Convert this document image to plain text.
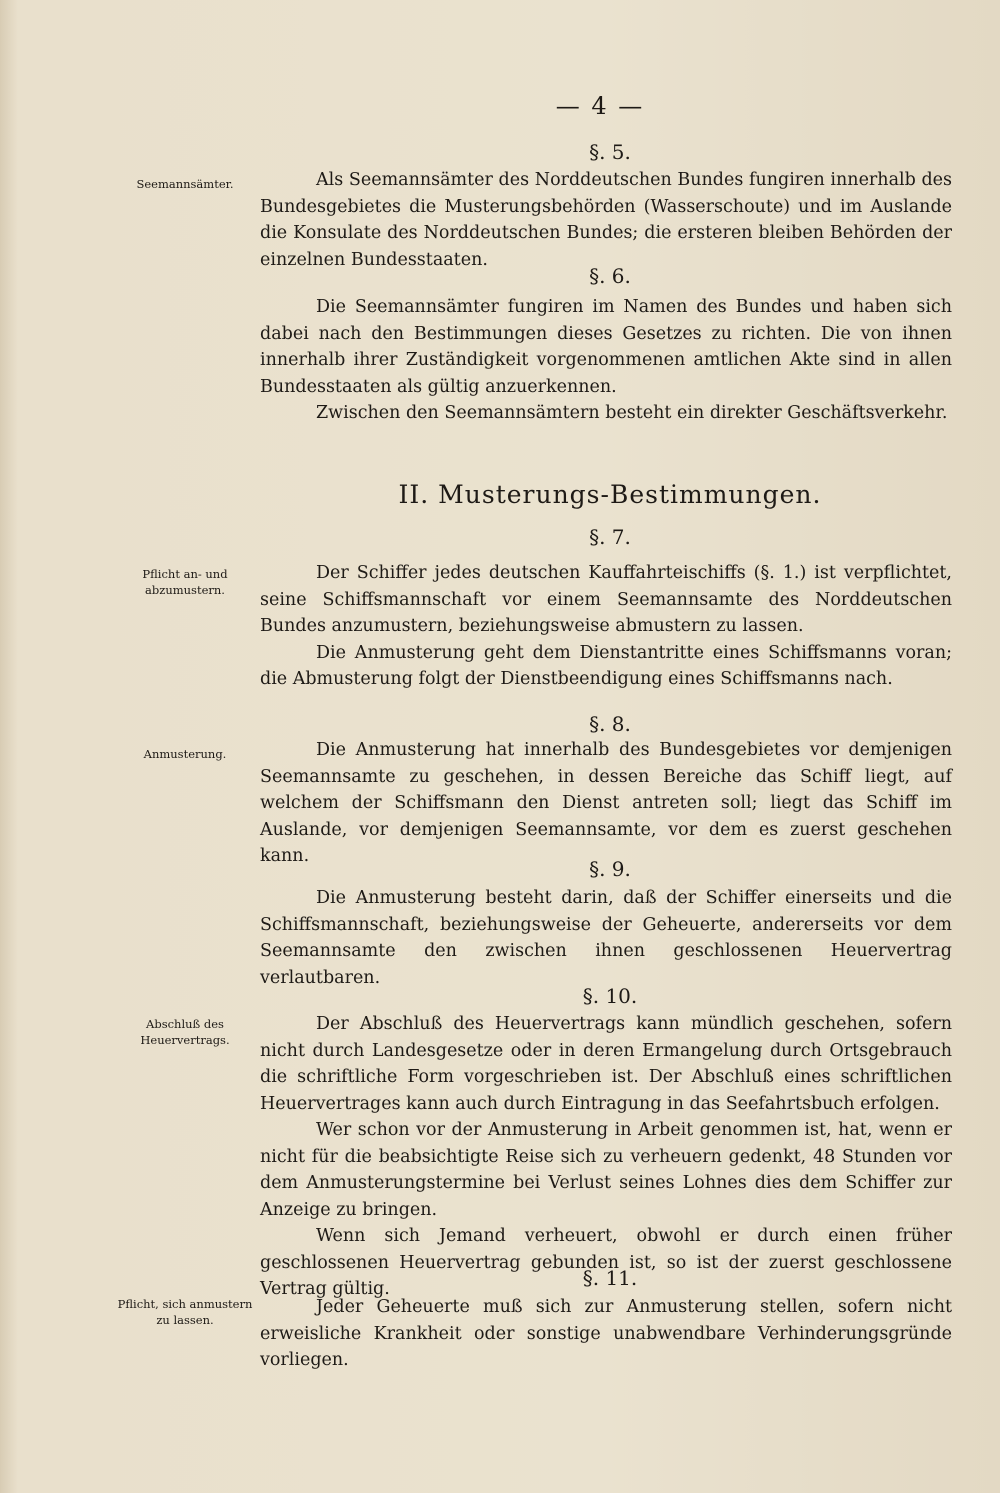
— 4 —
§. 5.
Seemannsämter.	Als Seemannsämter des Norddeutschen Bundes fungiren innerhalb des Bundesgebietes die Musterungsbehörden (Wasserschoute) und im Auslande die Konsulate des Norddeutschen Bundes; die ersteren bleiben Behörden der einzelnen Bundesstaaten.

§. 6.

Die Seemannsämter fungiren im Namen des Bundes und haben sich dabei nach den Bestimmungen dieses Gesetzes zu richten. Die von ihnen innerhalb ihrer Zuständigkeit vorgenommenen amtlichen Akte sind in allen Bundesstaaten als gültig anzuerkennen.

Zwischen den Seemannsämtern besteht ein direkter Geschäftsverkehr.

II. Musterungs-Bestimmungen.
§. 7.
Pflicht an- und abzumustern.

Der Schiffer jedes deutschen Kauffahrteischiffs (§. 1.) ist verpflichtet, seine Schiffsmannschaft vor einem Seemannsamte des Norddeutschen Bundes anzumustern, beziehungsweise abmustern zu lassen.

Die Anmusterung geht dem Dienstantritte eines Schiffsmanns voran; die Abmusterung folgt der Dienstbeendigung eines Schiffsmanns nach.

§. 8.
Anmusterung.	Die Anmusterung hat innerhalb des Bundesgebietes vor demjenigen Seemannsamte zu geschehen, in dessen Bereiche das Schiff liegt, auf welchem der Schiffsmann den Dienst antreten soll; liegt das Schiff im Auslande, vor demjenigen Seemannsamte, vor dem es zuerst geschehen kann.

§. 9.

Die Anmusterung besteht darin, daß der Schiffer einerseits und die Schiffsmannschaft, beziehungsweise der Geheuerte, andererseits vor dem Seemannsamte den zwischen ihnen geschlossenen Heuervertrag verlautbaren.

§. 10.
Abschluß des Heuervertrags.

Der Abschluß des Heuervertrags kann mündlich geschehen, sofern nicht durch Landesgesetze oder in deren Ermangelung durch Ortsgebrauch die schriftliche Form vorgeschrieben ist. Der Abschluß eines schriftlichen Heuervertrages kann auch durch Eintragung in das Seefahrtsbuch erfolgen.

Wer schon vor der Anmusterung in Arbeit genommen ist, hat, wenn er nicht für die beabsichtigte Reise sich zu verheuern gedenkt, 48 Stunden vor dem Anmusterungstermine bei Verlust seines Lohnes dies dem Schiffer zur Anzeige zu bringen.

Wenn sich Jemand verheuert, obwohl er durch einen früher geschlossenen Heuervertrag gebunden ist, so ist der zuerst geschlossene Vertrag gültig.	§. 11.
Pflicht, sich anmustern zu lassen.

Jeder Geheuerte muß sich zur Anmusterung stellen, sofern nicht erweisliche Krankheit oder sonstige unabwendbare Verhinderungsgründe vorliegen.
